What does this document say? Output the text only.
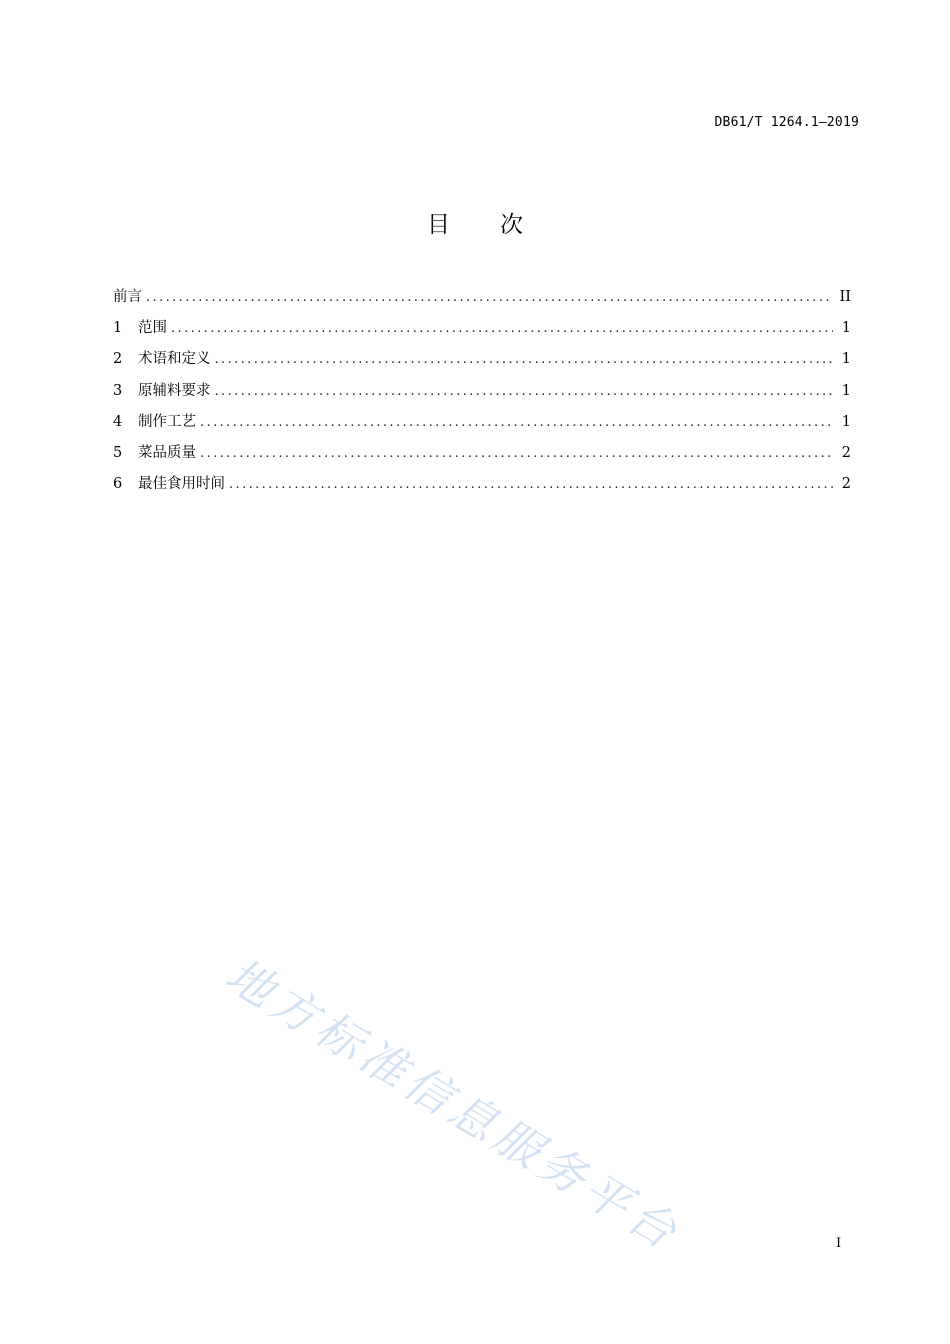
DB61/T 1264.1—2019
目 次
前言 .....	II
1	范围 .....	1
2	术语和定义 .....	1
3	原辅料要求 .....	1
4	制作工艺 .....	1
5	菜品质量 .....	2
6	最佳食用时间 .....	2
地方标准信息服务平台	I
